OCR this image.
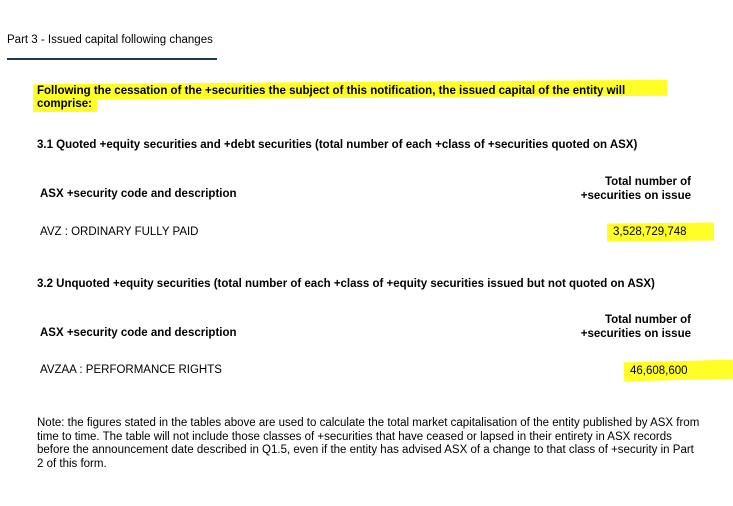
Part 3 - Issued capital following changes
Following the cessation of the +securities the subject of this notification, the issued capital of the entity will comprise:
3.1 Quoted +equity securities and +debt securities (total number of each +class of +securities quoted on ASX)
ASX +security code and description
Total number of
+securities on issue
AVZ : ORDINARY FULLY PAID	3,528,729,748
3.2 Unquoted +equity securities (total number of each +class of +equity securities issued but not quoted on ASX)
ASX +security code and description
Total number of
+securities on issue
AVZAA : PERFORMANCE RIGHTS	46,608,600
Note: the figures stated in the tables above are used to calculate the total market capitalisation of the entity published by ASX from time to time. The table will not include those classes of +securities that have ceased or lapsed in their entirety in ASX records before the announcement date described in Q1.5, even if the entity has advised ASX of a change to that class of +security in Part 2 of this form.
